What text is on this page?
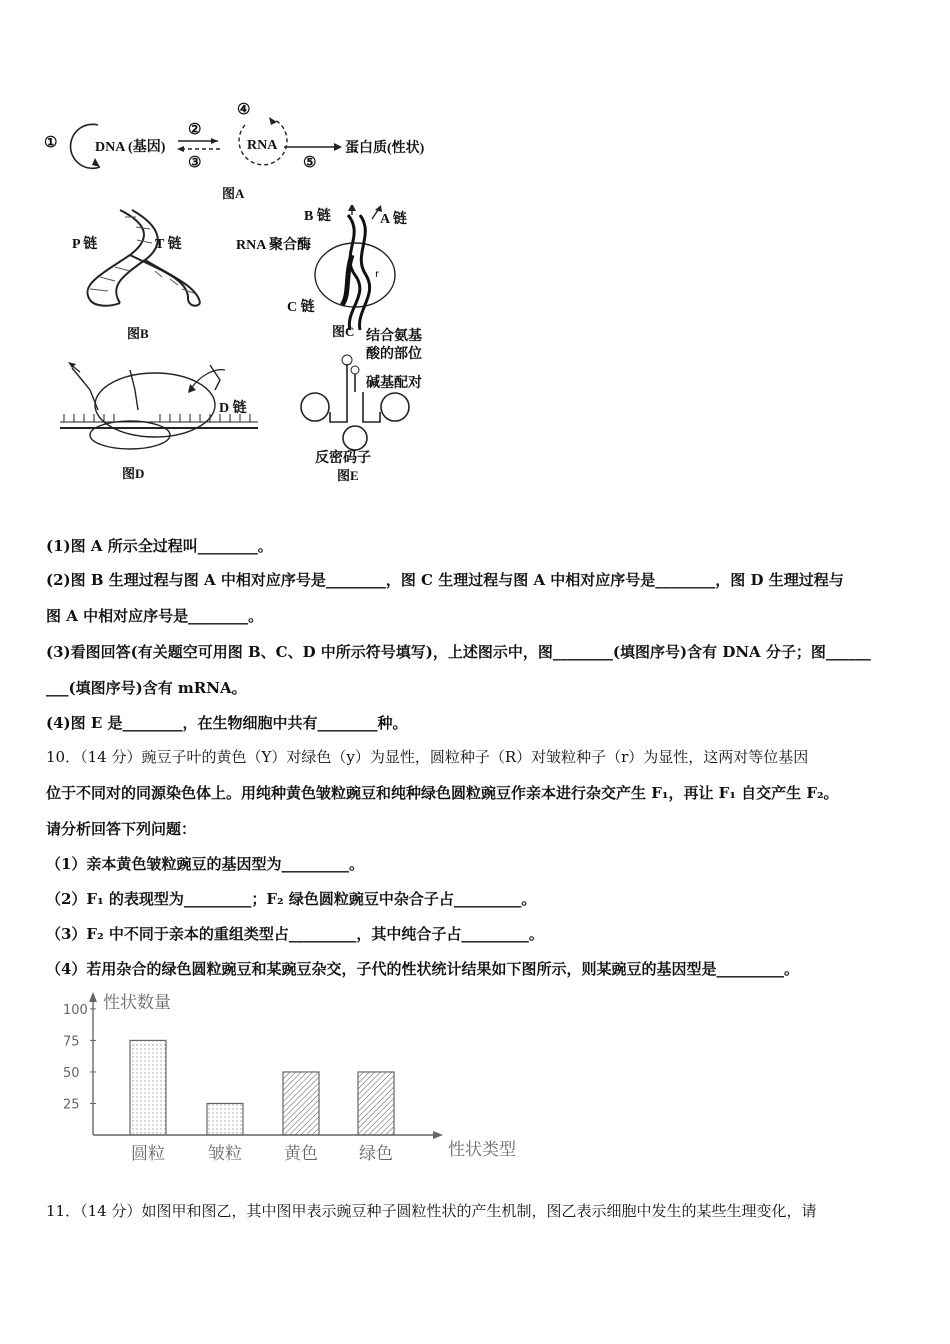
①	DNA (基因)
②
③
④
RNA
⑤
蛋白质(性状)
图A
P 链	T 链
图B
r
B 链	A 链
RNA 聚合酶
C 链
图C
D 链
图D
结合氨基
酸的部位
碱基配对
反密码子
图E
(1)图 A 所示全过程叫________。
(2)图 B 生理过程与图 A 中相对应序号是________，图 C 生理过程与图 A 中相对应序号是________，图 D 生理过程与
图 A 中相对应序号是________。
(3)看图回答(有关题空可用图 B、C、D 中所示符号填写)，上述图示中，图________(填图序号)含有 DNA 分子；图______
___(填图序号)含有 mRNA。
(4)图 E 是________，在生物细胞中共有________种。
10．（14 分）豌豆子叶的黄色（Y）对绿色（y）为显性，圆粒种子（R）对皱粒种子（r）为显性，这两对等位基因
位于不同对的同源染色体上。用纯种黄色皱粒豌豆和纯种绿色圆粒豌豆作亲本进行杂交产生 F₁，再让 F₁ 自交产生 F₂。
请分析回答下列问题：
（1）亲本黄色皱粒豌豆的基因型为_________。
（2）F₁ 的表现型为_________；F₂ 绿色圆粒豌豆中杂合子占_________。
（3）F₂ 中不同于亲本的重组类型占_________，其中纯合子占_________。
（4）若用杂合的绿色圆粒豌豆和某豌豆杂交，子代的性状统计结果如下图所示，则某豌豆的基因型是_________。
性状数量
性状类型
25
50
75
100
圆粒	皱粒 黄色 绿色
11．（14 分）如图甲和图乙，其中图甲表示豌豆种子圆粒性状的产生机制，图乙表示细胞中发生的某些生理变化，请
